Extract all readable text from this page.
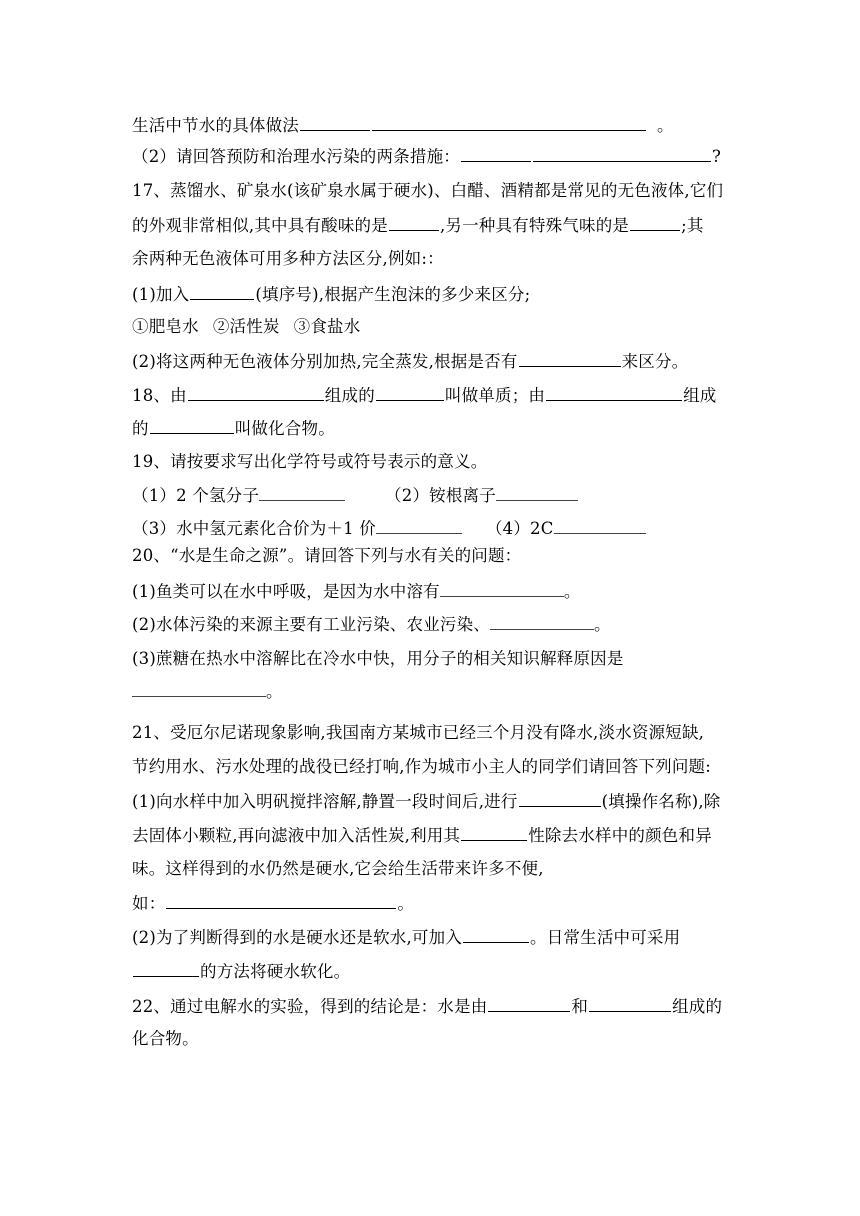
生活中节水的具体做法	。
（2）请回答预防和治理水污染的两条措施：	?
17、蒸馏水、矿泉水(该矿泉水属于硬水)、白醋、酒精都是常见的无色液体,它们
的外观非常相似,其中具有酸味的是	,另一种具有特殊气味的是	;其
余两种无色液体可用多种方法区分,例如:：
(1)加入	(填序号),根据产生泡沫的多少来区分;
①肥皂水 ②活性炭 ③食盐水
(2)将这两种无色液体分别加热,完全蒸发,根据是否有	来区分。
18、由	组成的	叫做单质；由	组成
的	叫做化合物。
19、请按要求写出化学符号或符号表示的意义。
（1）2 个氢分子	（2）铵根离子
（3）水中氢元素化合价为＋1 价	（4）2C
20、“水是生命之源”。请回答下列与水有关的问题：
(1)鱼类可以在水中呼吸，是因为水中溶有	。
(2)水体污染的来源主要有工业污染、农业污染、	。
(3)蔗糖在热水中溶解比在冷水中快，用分子的相关知识解释原因是
。
21、受厄尔尼诺现象影响,我国南方某城市已经三个月没有降水,淡水资源短缺,
节约用水、污水处理的战役已经打响,作为城市小主人的同学们请回答下列问题:
(1)向水样中加入明矾搅拌溶解,静置一段时间后,进行	(填操作名称),除
去固体小颗粒,再向滤液中加入活性炭,利用其	性除去水样中的颜色和异
味。这样得到的水仍然是硬水,它会给生活带来许多不便,
如：	。
(2)为了判断得到的水是硬水还是软水,可加入	。日常生活中可采用
的方法将硬水软化。
22、通过电解水的实验，得到的结论是：水是由	和	组成的
化合物。
